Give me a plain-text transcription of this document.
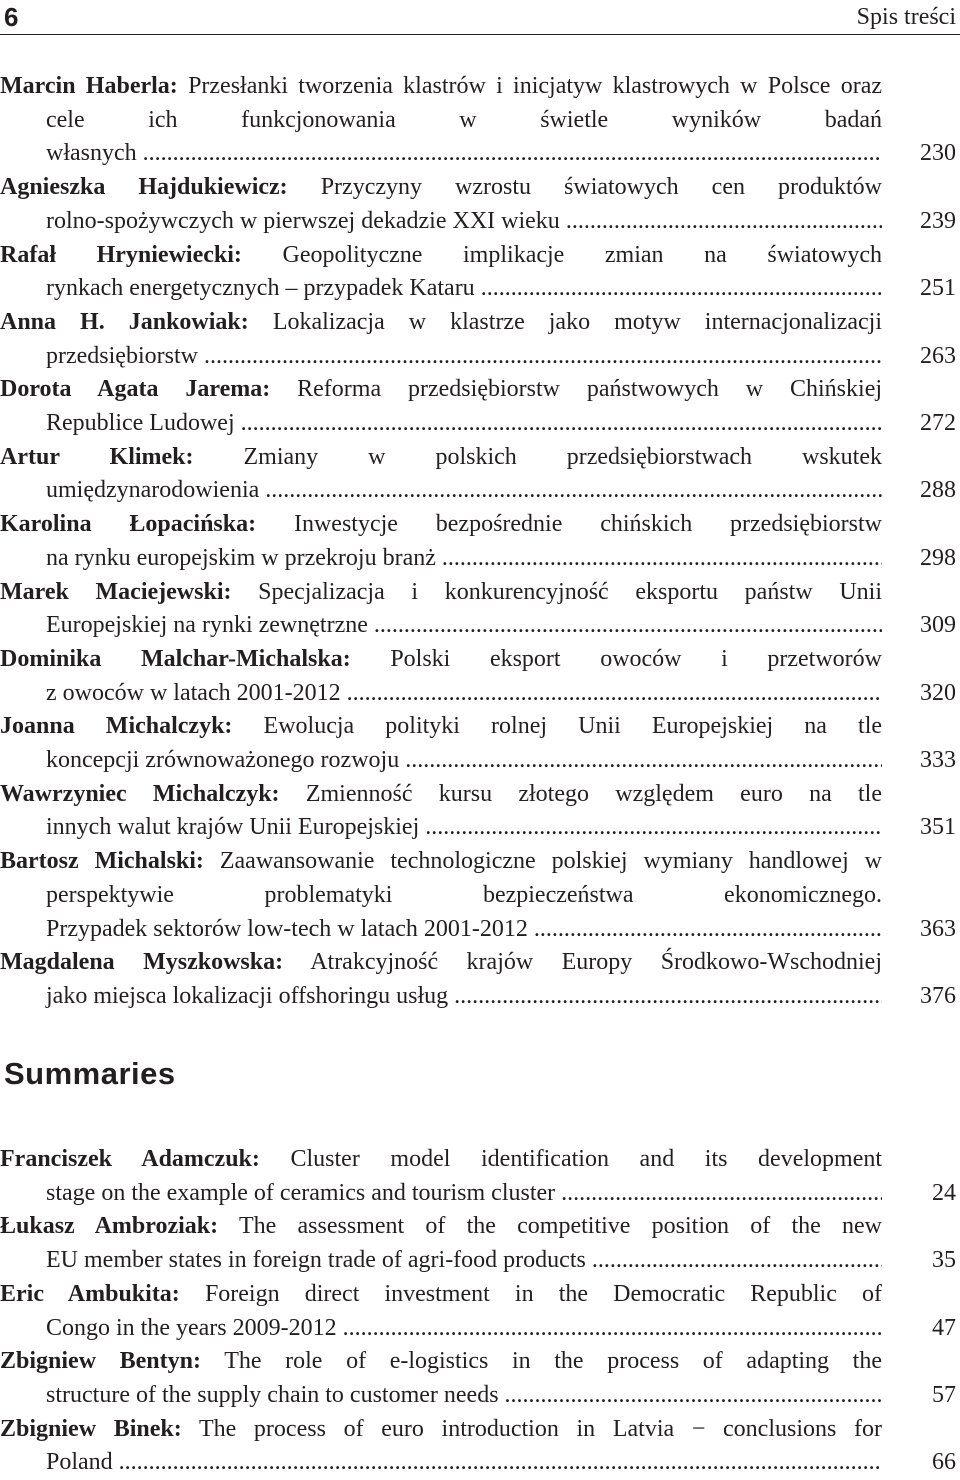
6	Spis treści
Marcin Haberla: Przesłanki tworzenia klastrów i inicjatyw klastrowych w Polsce oraz cele ich funkcjonowania w świetle wyników badań własnych .....	230
Agnieszka Hajdukiewicz: Przyczyny wzrostu światowych cen produktów rolno-spożywczych w pierwszej dekadzie XXI wieku .....	239
Rafał Hryniewiecki: Geopolityczne implikacje zmian na światowych rynkach energetycznych – przypadek Kataru .....	251
Anna H. Jankowiak: Lokalizacja w klastrze jako motyw internacjonalizacji przedsiębiorstw .....	263
Dorota Agata Jarema: Reforma przedsiębiorstw państwowych w Chińskiej Republice Ludowej .....	272
Artur Klimek: Zmiany w polskich przedsiębiorstwach wskutek umiędzynarodowienia .....	288
Karolina Łopacińska: Inwestycje bezpośrednie chińskich przedsiębiorstw na rynku europejskim w przekroju branż .....	298
Marek Maciejewski: Specjalizacja i konkurencyjność eksportu państw Unii Europejskiej na rynki zewnętrzne .....	309
Dominika Malchar-Michalska: Polski eksport owoców i przetworów z owoców w latach 2001-2012 .....	320
Joanna Michalczyk: Ewolucja polityki rolnej Unii Europejskiej na tle koncepcji zrównoważonego rozwoju .....	333
Wawrzyniec Michalczyk: Zmienność kursu złotego względem euro na tle innych walut krajów Unii Europejskiej .....	351
Bartosz Michalski: Zaawansowanie technologiczne polskiej wymiany handlowej w perspektywie problematyki bezpieczeństwa ekonomicznego. Przypadek sektorów low-tech w latach 2001-2012 .....	363
Magdalena Myszkowska: Atrakcyjność krajów Europy Środkowo-Wschodniej jako miejsca lokalizacji offshoringu usług .....	376
Summaries
Franciszek Adamczuk: Cluster model identification and its development stage on the example of ceramics and tourism cluster .....	24
Łukasz Ambroziak: The assessment of the competitive position of the new EU member states in foreign trade of agri-food products .....	35
Eric Ambukita: Foreign direct investment in the Democratic Republic of Congo in the years 2009-2012 .....	47
Zbigniew Bentyn: The role of e-logistics in the process of adapting the structure of the supply chain to customer needs .....	57
Zbigniew Binek: The process of euro introduction in Latvia − conclusions for Poland .....	66
